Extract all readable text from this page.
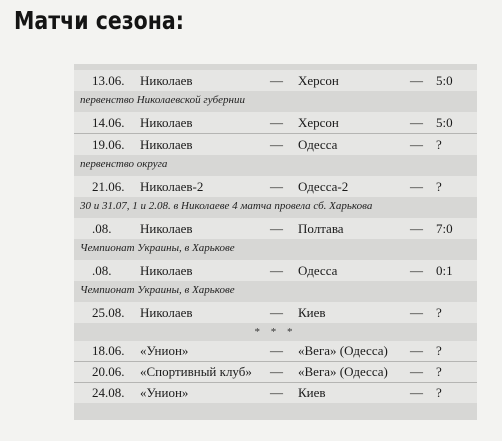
Матчи сезона:
13.06. Николаев	— Херсон	— 5:0
первенство Николаевской губернии
14.06. Николаев	— Херсон	— 5:0
19.06. Николаев	— Одесса	— ?
первенство округа
21.06. Николаев-2	— Одесса-2	— ?
30 и 31.07, 1 и 2.08. в Николаеве 4 матча провела сб. Харькова
.08. Николаев	— Полтава	— 7:0
Чемпионат Украины, в Харькове
.08. Николаев	— Одесса	— 0:1
Чемпионат Украины, в Харькове
25.08. Николаев	— Киев	— ?
* * *
18.06. «Унион»	— «Вега» (Одесса) — ?
20.06. «Спортивный клуб» — «Вега» (Одесса) — ?
24.08. «Унион»	— Киев	— ?
